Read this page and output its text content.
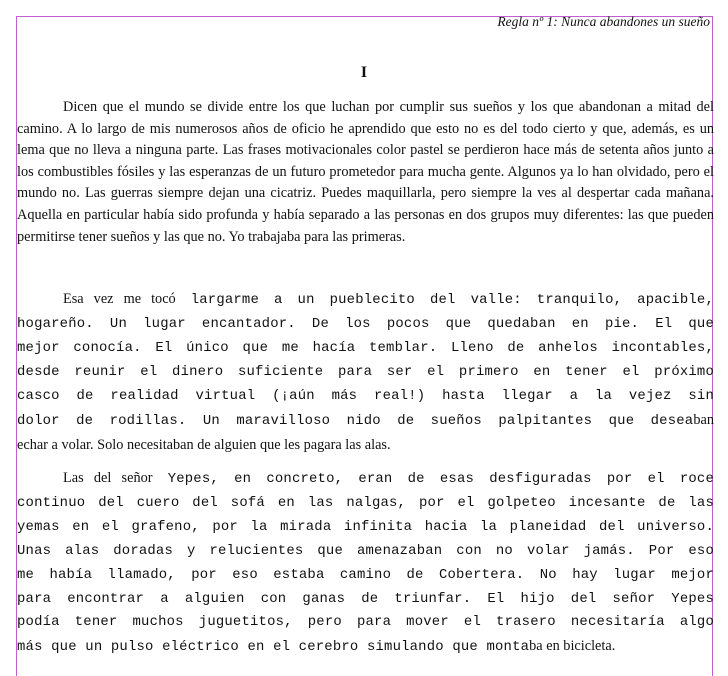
Regla nº 1: Nunca abandones un sueño
I

Dicen que el mundo se divide entre los que luchan por cumplir sus sueños y los que abandonan a mitad del camino. A lo largo de mis numerosos años de oficio he aprendido que esto no es del todo cierto y que, además, es un lema que no lleva a ninguna parte. Las frases motivacionales color pastel se perdieron hace más de setenta años junto a los combustibles fósiles y las esperanzas de un futuro prometedor para mucha gente. Algunos ya lo han olvidado, pero el mundo no. Las guerras siempre dejan una cicatriz. Puedes maquillarla, pero siempre la ves al despertar cada mañana. Aquella en particular había sido profunda y había separado a las personas en dos grupos muy diferentes: las que pueden permitirse tener sueños y las que no. Yo trabajaba para las primeras.

Esa vez me tocó largarme a un pueblecito del valle: tranquilo, apacible,
hogareño. Un lugar encantador. De los pocos que quedaban en pie. El que
mejor conocía. El único que me hacía temblar. Lleno de anhelos incontables,
desde reunir el dinero suficiente para ser el primero en tener el próximo
casco de realidad virtual (¡aún más real!) hasta llegar a la vejez sin
dolor de rodillas. Un maravilloso nido de sueños palpitantes que deseaban
echar a volar. Solo necesitaban de alguien que les pagara las alas.
Las del señor Yepes, en concreto, eran de esas desfiguradas por el roce
continuo del cuero del sofá en las nalgas, por el golpeteo incesante de las
yemas en el grafeno, por la mirada infinita hacia la planeidad del universo.
Unas alas doradas y relucientes que amenazaban con no volar jamás. Por eso
me había llamado, por eso estaba camino de Cobertera. No hay lugar mejor
para encontrar a alguien con ganas de triunfar. El hijo del señor Yepes
podía tener muchos juguetitos, pero para mover el trasero necesitaría algo
más que un pulso eléctrico en el cerebro simulando que montaba en bicicleta.
